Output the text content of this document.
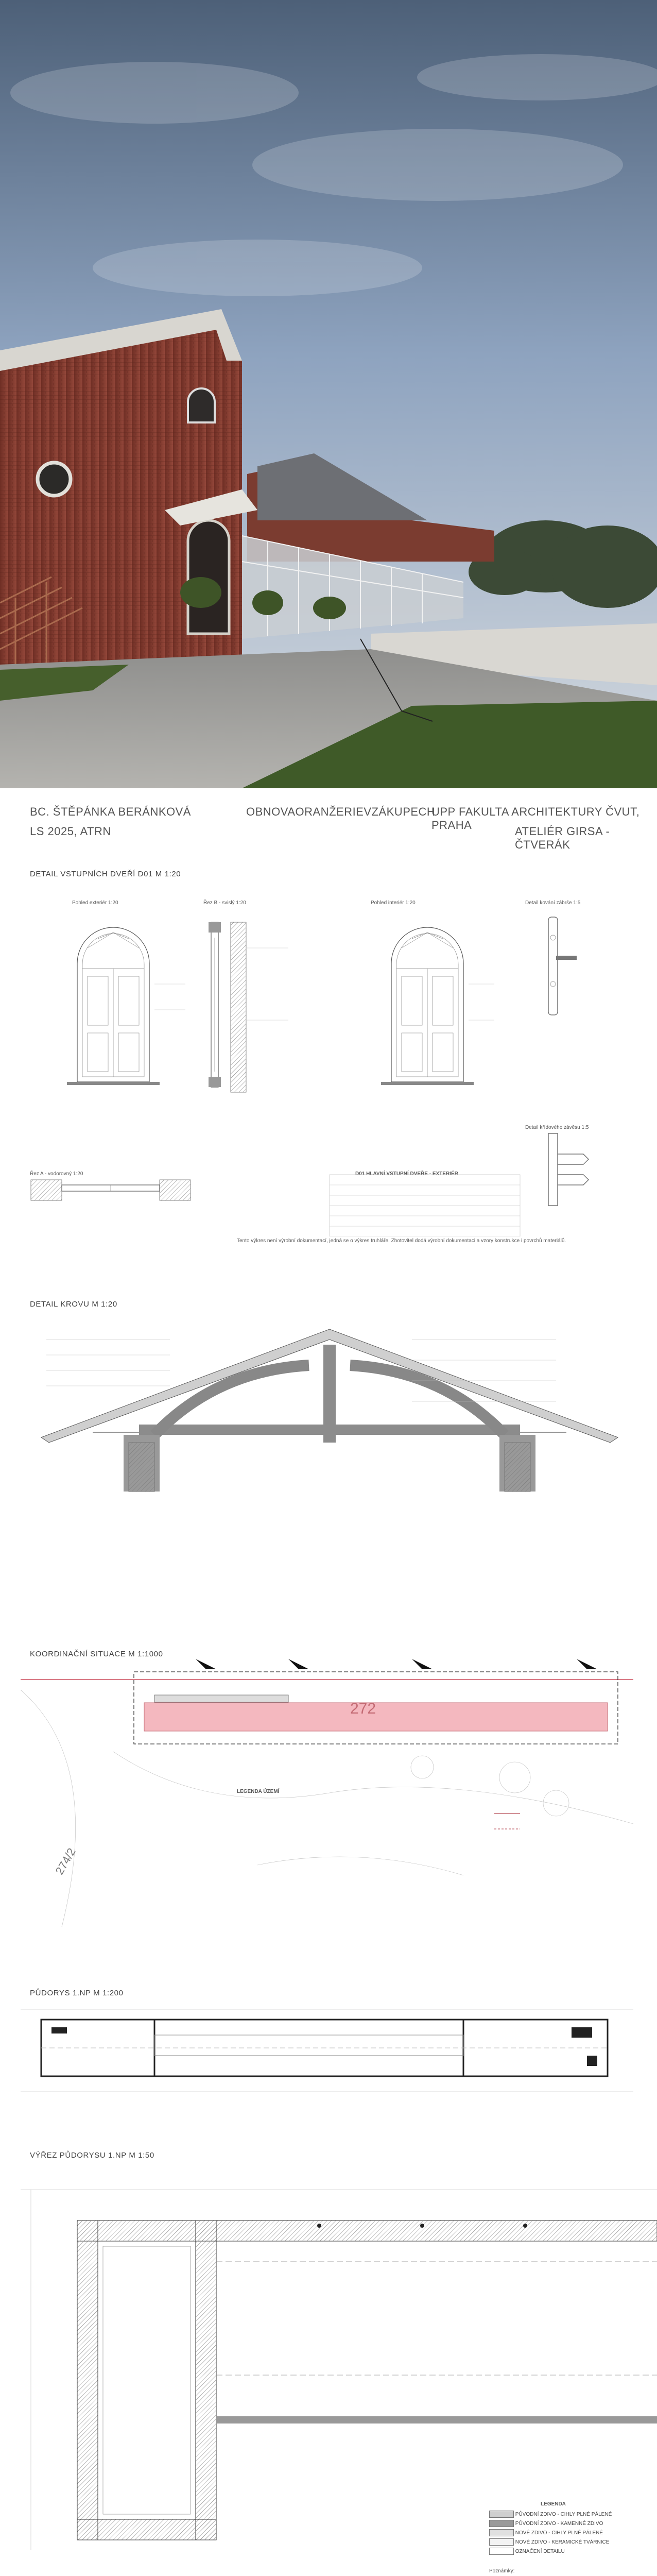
BC. ŠTĚPÁNKA BERÁNKOVÁ
LS 2025, ATRN
OBNOVAORANŽERIEVZÁKUPECH
UPP FAKULTA ARCHITEKTURY ČVUT, PRAHA	ATELIÉR GIRSA - ČTVERÁK
DETAIL VSTUPNÍCH DVEŘÍ D01 M 1:20
Pohled exteriér 1:20	Řez B - svislý 1:20	Pohled interiér 1:20	Detail kování zábrše 1:5
Detail křídového závěsu 1:5
Řez A - vodorovný 1:20	D01 HLAVNÍ VSTUPNÍ DVEŘE - EXTERIÉR
Tento výkres není výrobní dokumentací, jedná se o výkres truhláře. Zhotovitel dodá výrobní dokumentaci a vzory konstrukce i povrchů materiálů.
DETAIL KROVU M 1:20
KOORDINAČNÍ SITUACE M 1:1000
272
274/2
LEGENDA ÚZEMÍ
PŮDORYS 1.NP M 1:200
VÝŘEZ PŮDORYSU 1.NP M 1:50
LEGENDA
PŮVODNÍ ZDIVO - CIHLY PLNÉ PÁLENÉ
PŮVODNÍ ZDIVO - KAMENNÉ ZDIVO
NOVÉ ZDIVO - CIHLY PLNÉ PÁLENÉ
NOVÉ ZDIVO - KERAMICKÉ TVÁRNICE
OZNAČENÍ DETAILU
Poznámky:
